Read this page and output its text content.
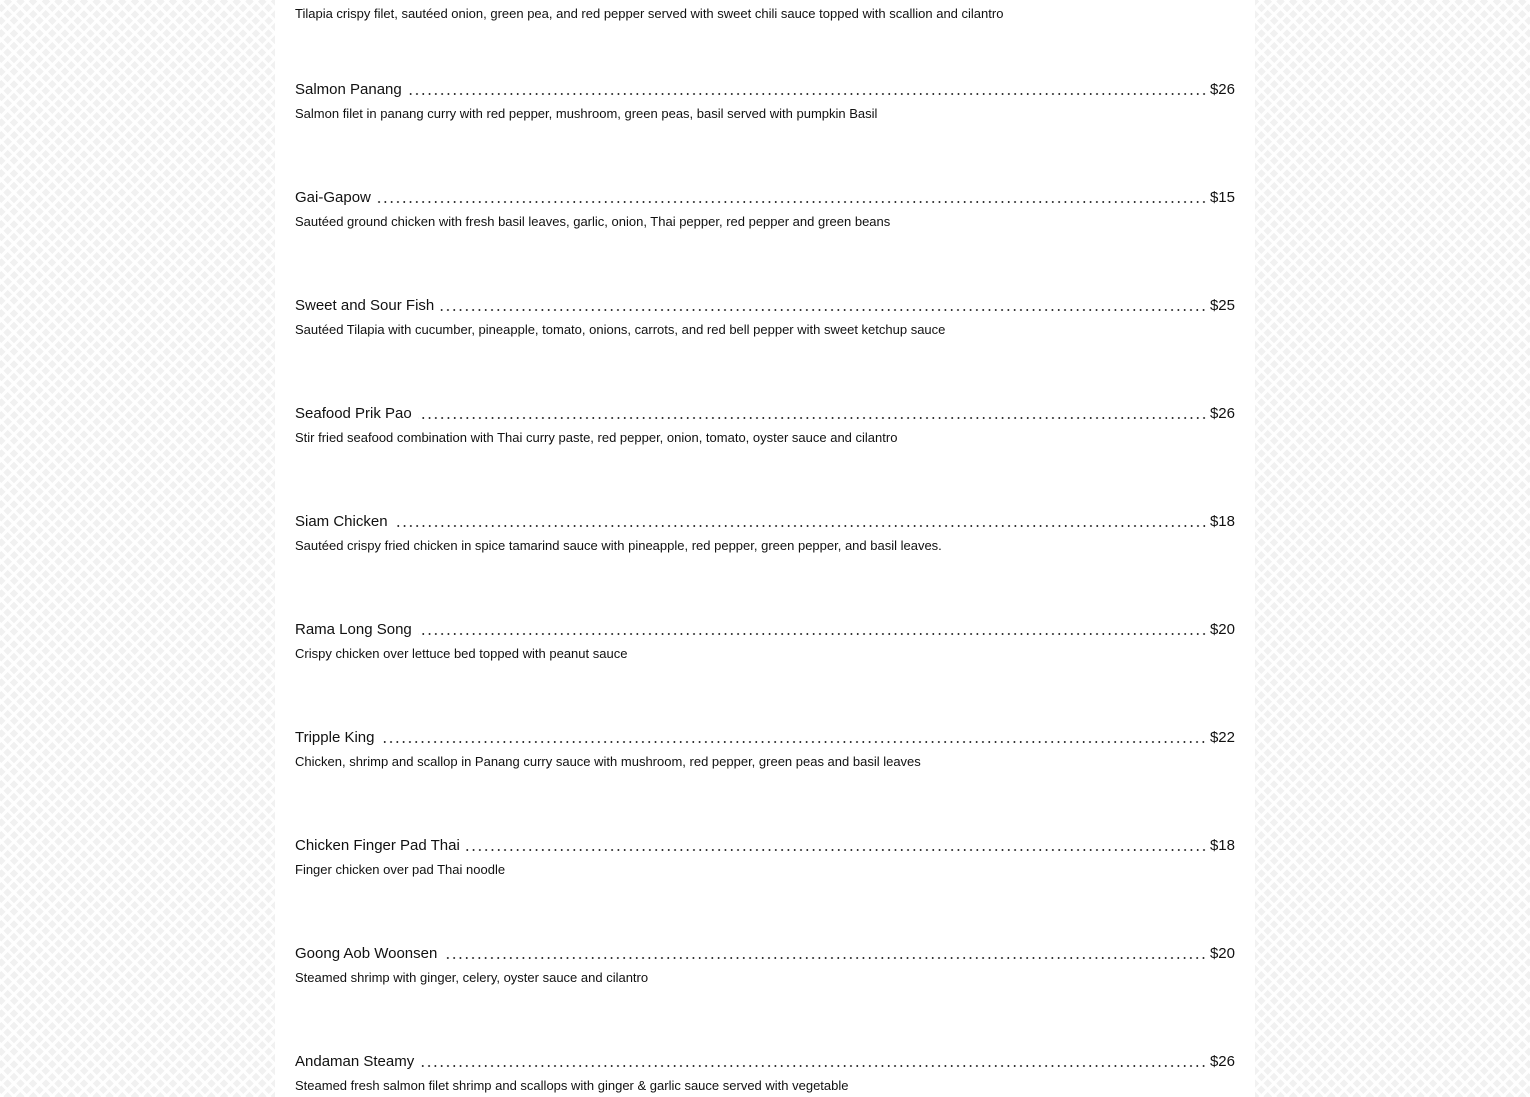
Tilapia crispy filet, sautéed onion, green pea, and red pepper served with sweet chili sauce topped with scallion and cilantro
Salmon Panang	$26
Salmon filet in panang curry with red pepper, mushroom, green peas, basil served with pumpkin Basil
Gai-Gapow	$15
Sautéed ground chicken with fresh basil leaves, garlic, onion, Thai pepper, red pepper and green beans
Sweet and Sour Fish	$25
Sautéed Tilapia with cucumber, pineapple, tomato, onions, carrots, and red bell pepper with sweet ketchup sauce
Seafood Prik Pao	$26
Stir fried seafood combination with Thai curry paste, red pepper, onion, tomato, oyster sauce and cilantro
Siam Chicken	$18
Sautéed crispy fried chicken in spice tamarind sauce with pineapple, red pepper, green pepper, and basil leaves.
Rama Long Song	$20
Crispy chicken over lettuce bed topped with peanut sauce
Tripple King	$22
Chicken, shrimp and scallop in Panang curry sauce with mushroom, red pepper, green peas and basil leaves
Chicken Finger Pad Thai	$18
Finger chicken over pad Thai noodle
Goong Aob Woonsen	$20
Steamed shrimp with ginger, celery, oyster sauce and cilantro
Andaman Steamy	$26
Steamed fresh salmon filet shrimp and scallops with ginger & garlic sauce served with vegetable
